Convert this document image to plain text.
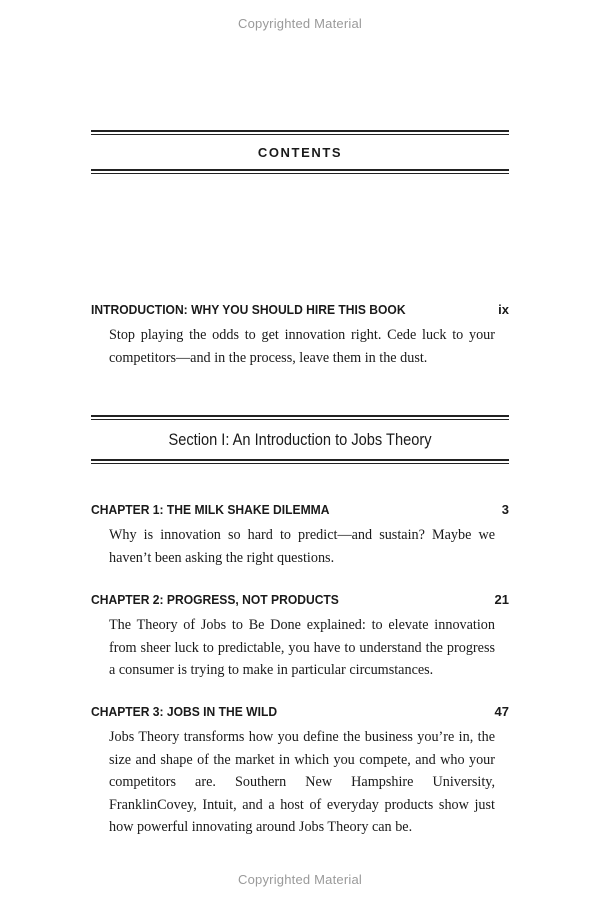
Copyrighted Material
CONTENTS
INTRODUCTION: WHY YOU SHOULD HIRE THIS BOOK	ix
Stop playing the odds to get innovation right. Cede luck to your competitors—and in the process, leave them in the dust.
Section I: An Introduction to Jobs Theory
CHAPTER 1: THE MILK SHAKE DILEMMA	3
Why is innovation so hard to predict—and sustain? Maybe we haven’t been asking the right questions.
CHAPTER 2: PROGRESS, NOT PRODUCTS	21
The Theory of Jobs to Be Done explained: to elevate innovation from sheer luck to predictable, you have to understand the progress a consumer is trying to make in particular circumstances.
CHAPTER 3: JOBS IN THE WILD	47
Jobs Theory transforms how you define the business you’re in, the size and shape of the market in which you compete, and who your competitors are. Southern New Hampshire University, FranklinCovey, Intuit, and a host of everyday products show just how powerful innovating around Jobs Theory can be.
Copyrighted Material
